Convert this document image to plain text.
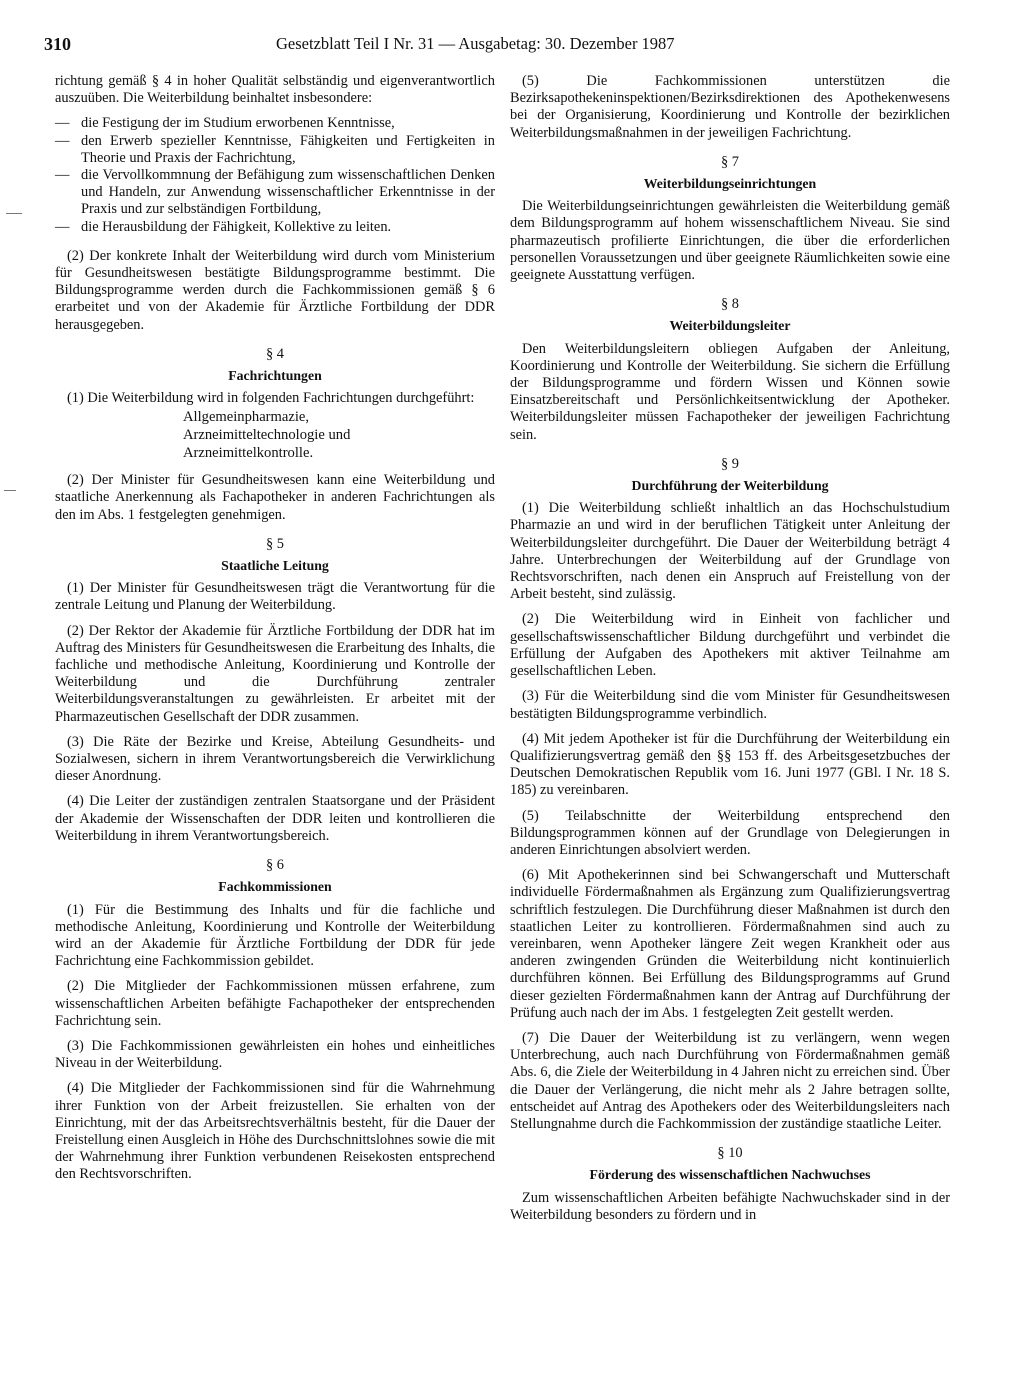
310	Gesetzblatt Teil I Nr. 31 — Ausgabetag: 30. Dezember 1987

richtung gemäß § 4 in hoher Qualität selbständig und eigenverantwortlich auszuüben. Die Weiterbildung beinhaltet insbesondere:

— die Festigung der im Studium erworbenen Kenntnisse,
— den Erwerb spezieller Kenntnisse, Fähigkeiten und Fertigkeiten in Theorie und Praxis der Fachrichtung,
— die Vervollkommnung der Befähigung zum wissenschaftlichen Denken und Handeln, zur Anwendung wissenschaftlicher Erkenntnisse in der Praxis und zur selbständigen Fortbildung,
— die Herausbildung der Fähigkeit, Kollektive zu leiten.

(2) Der konkrete Inhalt der Weiterbildung wird durch vom Ministerium für Gesundheitswesen bestätigte Bildungsprogramme bestimmt. Die Bildungsprogramme werden durch die Fachkommissionen gemäß § 6 erarbeitet und von der Akademie für Ärztliche Fortbildung der DDR herausgegeben.

§ 4
Fachrichtungen

(1) Die Weiterbildung wird in folgenden Fachrichtungen durchgeführt:

Allgemeinpharmazie,
Arzneimitteltechnologie und
Arzneimittelkontrolle.

(2) Der Minister für Gesundheitswesen kann eine Weiterbildung und staatliche Anerkennung als Fachapotheker in anderen Fachrichtungen als den im Abs. 1 festgelegten genehmigen.

§ 5
Staatliche Leitung

(1) Der Minister für Gesundheitswesen trägt die Verantwortung für die zentrale Leitung und Planung der Weiterbildung.

(2) Der Rektor der Akademie für Ärztliche Fortbildung der DDR hat im Auftrag des Ministers für Gesundheitswesen die Erarbeitung des Inhalts, die fachliche und methodische Anleitung, Koordinierung und Kontrolle der Weiterbildung und die Durchführung zentraler Weiterbildungsveranstaltungen zu gewährleisten. Er arbeitet mit der Pharmazeutischen Gesellschaft der DDR zusammen.

(3) Die Räte der Bezirke und Kreise, Abteilung Gesundheits- und Sozialwesen, sichern in ihrem Verantwortungsbereich die Verwirklichung dieser Anordnung.

(4) Die Leiter der zuständigen zentralen Staatsorgane und der Präsident der Akademie der Wissenschaften der DDR leiten und kontrollieren die Weiterbildung in ihrem Verantwortungsbereich.

§ 6
Fachkommissionen

(1) Für die Bestimmung des Inhalts und für die fachliche und methodische Anleitung, Koordinierung und Kontrolle der Weiterbildung wird an der Akademie für Ärztliche Fortbildung der DDR für jede Fachrichtung eine Fachkommission gebildet.

(2) Die Mitglieder der Fachkommissionen müssen erfahrene, zum wissenschaftlichen Arbeiten befähigte Fachapotheker der entsprechenden Fachrichtung sein.

(3) Die Fachkommissionen gewährleisten ein hohes und einheitliches Niveau in der Weiterbildung.

(4) Die Mitglieder der Fachkommissionen sind für die Wahrnehmung ihrer Funktion von der Arbeit freizustellen. Sie erhalten von der Einrichtung, mit der das Arbeitsrechtsverhältnis besteht, für die Dauer der Freistellung einen Ausgleich in Höhe des Durchschnittslohnes sowie die mit der Wahrnehmung ihrer Funktion verbundenen Reisekosten entsprechend den Rechtsvorschriften.

(5) Die Fachkommissionen unterstützen die Bezirksapothekeninspektionen/Bezirksdirektionen des Apothekenwesens bei der Organisierung, Koordinierung und Kontrolle der bezirklichen Weiterbildungsmaßnahmen in der jeweiligen Fachrichtung.

§ 7
Weiterbildungseinrichtungen

Die Weiterbildungseinrichtungen gewährleisten die Weiterbildung gemäß dem Bildungsprogramm auf hohem wissenschaftlichem Niveau. Sie sind pharmazeutisch profilierte Einrichtungen, die über die erforderlichen personellen Voraussetzungen und über geeignete Räumlichkeiten sowie eine geeignete Ausstattung verfügen.

§ 8
Weiterbildungsleiter

Den Weiterbildungsleitern obliegen Aufgaben der Anleitung, Koordinierung und Kontrolle der Weiterbildung. Sie sichern die Erfüllung der Bildungsprogramme und fördern Wissen und Können sowie Einsatzbereitschaft und Persönlichkeitsentwicklung der Apotheker. Weiterbildungsleiter müssen Fachapotheker der jeweiligen Fachrichtung sein.

§ 9
Durchführung der Weiterbildung

(1) Die Weiterbildung schließt inhaltlich an das Hochschulstudium Pharmazie an und wird in der beruflichen Tätigkeit unter Anleitung der Weiterbildungsleiter durchgeführt. Die Dauer der Weiterbildung beträgt 4 Jahre. Unterbrechungen der Weiterbildung auf der Grundlage von Rechtsvorschriften, nach denen ein Anspruch auf Freistellung von der Arbeit besteht, sind zulässig.

(2) Die Weiterbildung wird in Einheit von fachlicher und gesellschaftswissenschaftlicher Bildung durchgeführt und verbindet die Erfüllung der Aufgaben des Apothekers mit aktiver Teilnahme am gesellschaftlichen Leben.

(3) Für die Weiterbildung sind die vom Minister für Gesundheitswesen bestätigten Bildungsprogramme verbindlich.

(4) Mit jedem Apotheker ist für die Durchführung der Weiterbildung ein Qualifizierungsvertrag gemäß den §§ 153 ff. des Arbeitsgesetzbuches der Deutschen Demokratischen Republik vom 16. Juni 1977 (GBl. I Nr. 18 S. 185) zu vereinbaren.

(5) Teilabschnitte der Weiterbildung entsprechend den Bildungsprogrammen können auf der Grundlage von Delegierungen in anderen Einrichtungen absolviert werden.

(6) Mit Apothekerinnen sind bei Schwangerschaft und Mutterschaft individuelle Fördermaßnahmen als Ergänzung zum Qualifizierungsvertrag schriftlich festzulegen. Die Durchführung dieser Maßnahmen ist durch den staatlichen Leiter zu kontrollieren. Fördermaßnahmen sind auch zu vereinbaren, wenn Apotheker längere Zeit wegen Krankheit oder aus anderen zwingenden Gründen die Weiterbildung nicht kontinuierlich durchführen können. Bei Erfüllung des Bildungsprogramms auf Grund dieser gezielten Fördermaßnahmen kann der Antrag auf Durchführung der Prüfung auch nach der im Abs. 1 festgelegten Zeit gestellt werden.

(7) Die Dauer der Weiterbildung ist zu verlängern, wenn wegen Unterbrechung, auch nach Durchführung von Fördermaßnahmen gemäß Abs. 6, die Ziele der Weiterbildung in 4 Jahren nicht zu erreichen sind. Über die Dauer der Verlängerung, die nicht mehr als 2 Jahre betragen sollte, entscheidet auf Antrag des Apothekers oder des Weiterbildungsleiters nach Stellungnahme durch die Fachkommission der zuständige staatliche Leiter.

§ 10
Förderung des wissenschaftlichen Nachwuchses

Zum wissenschaftlichen Arbeiten befähigte Nachwuchskader sind in der Weiterbildung besonders zu fördern und in
